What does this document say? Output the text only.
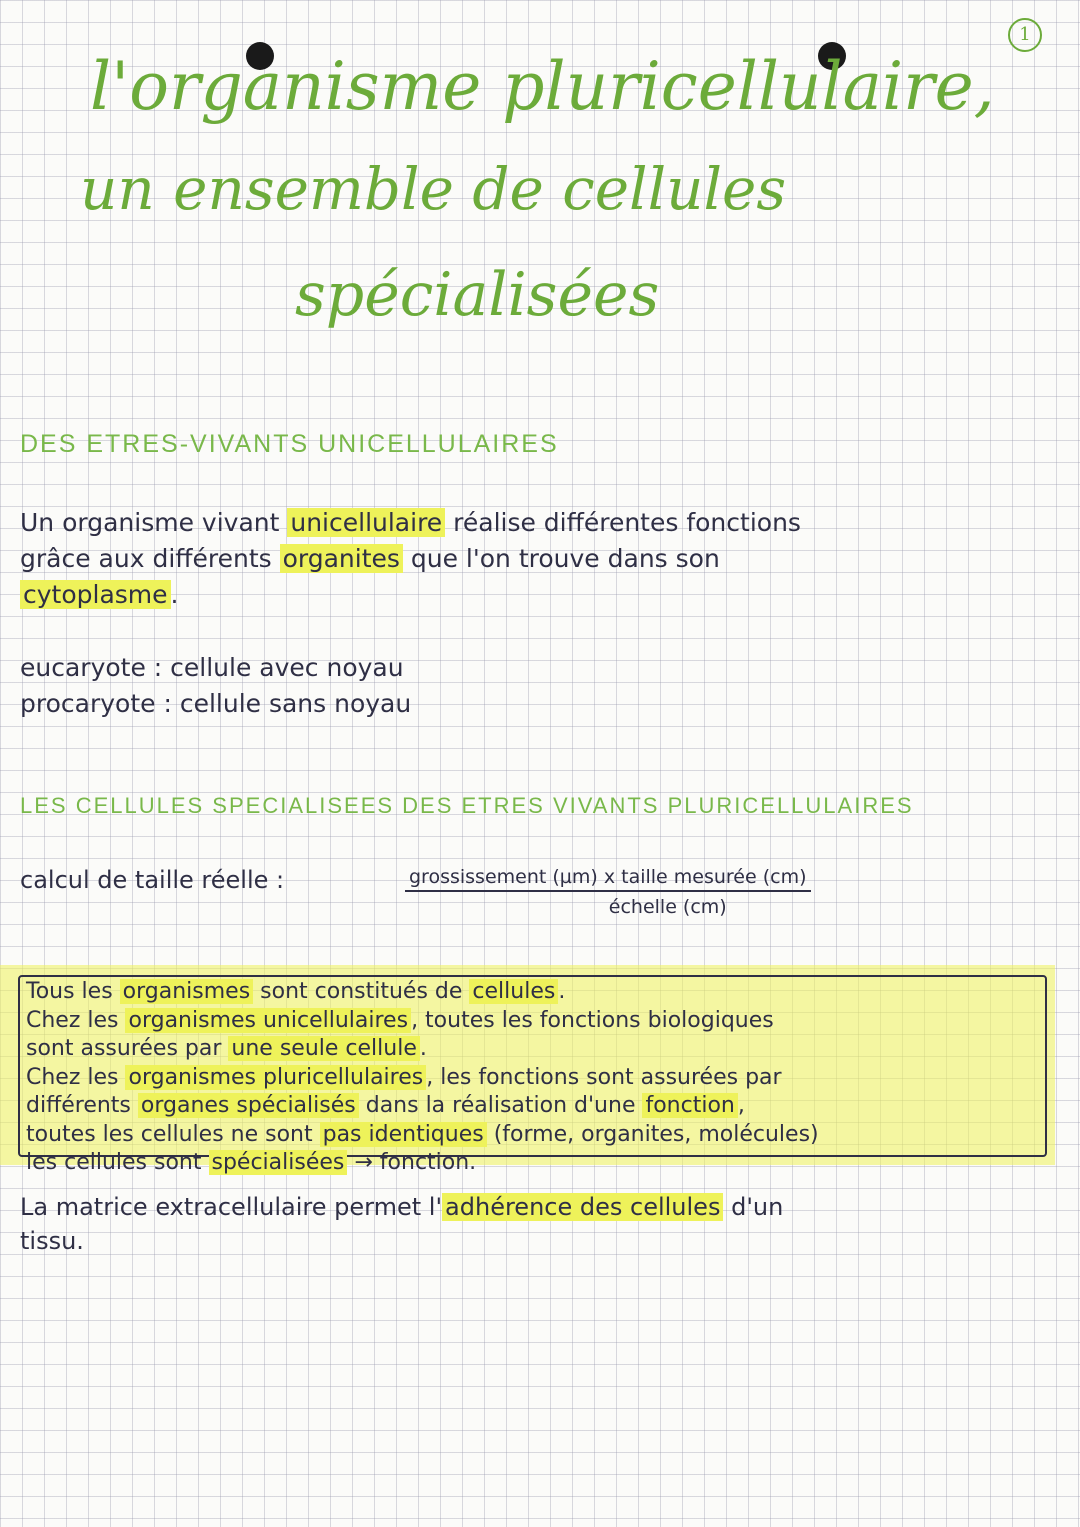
1
l'organisme pluricellulaire,
un ensemble de cellules
spécialisées
DES ETRES-VIVANTS UNICELLULAIRES
Un organisme vivant unicellulaire réalise différentes fonctions
grâce aux différents organites que l'on trouve dans son
cytoplasme .
eucaryote : cellule avec noyau
procaryote : cellule sans noyau
LES CELLULES SPECIALISEES DES ETRES VIVANTS PLURICELLULAIRES
calcul de taille réelle :	grossissement (µm) x taille mesurée (cm)
échelle (cm)
Tous les organismes sont constitués de cellules .
Chez les organismes unicellulaires , toutes les fonctions biologiques
sont assurées par une seule cellule .
Chez les organismes pluricellulaires , les fonctions sont assurées par
différents organes spécialisés dans la réalisation d'une fonction ,
toutes les cellules ne sont pas identiques (forme, organites, molécules)
les cellules sont spécialisées → fonction.
La matrice extracellulaire permet l' adhérence des cellules d'un
tissu.
